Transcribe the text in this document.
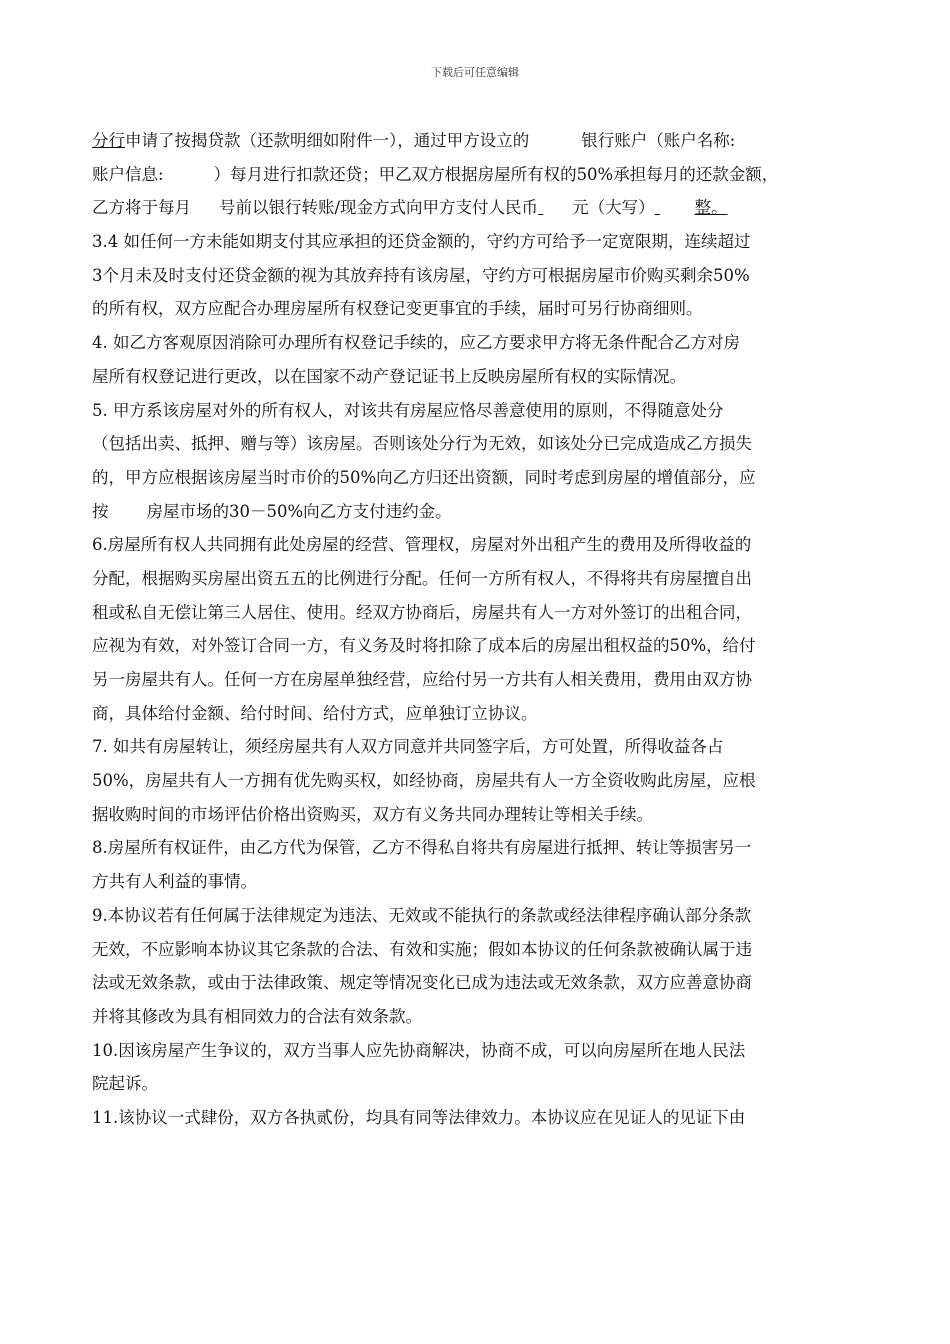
下载后可任意编辑
分行申请了按揭贷款（还款明细如附件一），通过甲方设立的	银行账户（账户名称:
账户信息:	）每月进行扣款还贷；甲乙双方根据房屋所有权的50%承担每月的还款金额，
乙方将于每月 号前以银行转账/现金方式向甲方支付人民币 元（大写） 整。
3.4 如任何一方未能如期支付其应承担的还贷金额的，守约方可给予一定宽限期，连续超过
3个月未及时支付还贷金额的视为其放弃持有该房屋，守约方可根据房屋市价购买剩余50%
的所有权，双方应配合办理房屋所有权登记变更事宜的手续，届时可另行协商细则。
4. 如乙方客观原因消除可办理所有权登记手续的，应乙方要求甲方将无条件配合乙方对房
屋所有权登记进行更改，以在国家不动产登记证书上反映房屋所有权的实际情况。
5. 甲方系该房屋对外的所有权人，对该共有房屋应恪尽善意使用的原则，不得随意处分
（包括出卖、抵押、赠与等）该房屋。否则该处分行为无效，如该处分已完成造成乙方损失
的，甲方应根据该房屋当时市价的50%向乙方归还出资额，同时考虑到房屋的增值部分，应
按 房屋市场的30－50%向乙方支付违约金。
6.房屋所有权人共同拥有此处房屋的经营、管理权，房屋对外出租产生的费用及所得收益的
分配，根据购买房屋出资五五的比例进行分配。任何一方所有权人，不得将共有房屋擅自出
租或私自无偿让第三人居住、使用。经双方协商后，房屋共有人一方对外签订的出租合同，
应视为有效，对外签订合同一方，有义务及时将扣除了成本后的房屋出租权益的50%，给付
另一房屋共有人。任何一方在房屋单独经营，应给付另一方共有人相关费用，费用由双方协
商，具体给付金额、给付时间、给付方式，应单独订立协议。
7. 如共有房屋转让，须经房屋共有人双方同意并共同签字后，方可处置，所得收益各占
50%，房屋共有人一方拥有优先购买权，如经协商，房屋共有人一方全资收购此房屋，应根
据收购时间的市场评估价格出资购买，双方有义务共同办理转让等相关手续。
8.房屋所有权证件，由乙方代为保管，乙方不得私自将共有房屋进行抵押、转让等损害另一
方共有人利益的事情。
9.本协议若有任何属于法律规定为违法、无效或不能执行的条款或经法律程序确认部分条款
无效，不应影响本协议其它条款的合法、有效和实施；假如本协议的任何条款被确认属于违
法或无效条款，或由于法律政策、规定等情况变化已成为违法或无效条款，双方应善意协商
并将其修改为具有相同效力的合法有效条款。
10.因该房屋产生争议的，双方当事人应先协商解决，协商不成，可以向房屋所在地人民法
院起诉。
11.该协议一式肆份，双方各执贰份，均具有同等法律效力。本协议应在见证人的见证下由
